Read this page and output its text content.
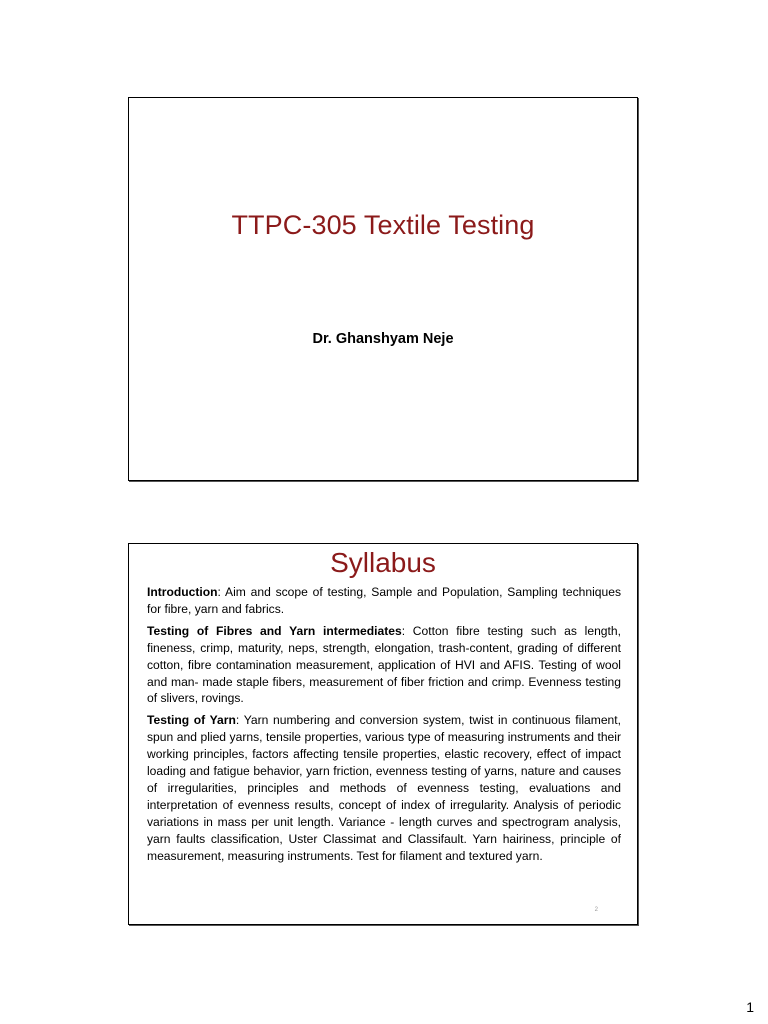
TTPC-305 Textile Testing
Dr. Ghanshyam Neje
Syllabus

Introduction: Aim and scope of testing, Sample and Population, Sampling techniques for fibre, yarn and fabrics.

Testing of Fibres and Yarn intermediates: Cotton fibre testing such as length, fineness, crimp, maturity, neps, strength, elongation, trash-content, grading of different cotton, fibre contamination measurement, application of HVI and AFIS. Testing of wool and man- made staple fibers, measurement of fiber friction and crimp. Evenness testing of slivers, rovings.

Testing of Yarn: Yarn numbering and conversion system, twist in continuous filament, spun and plied yarns, tensile properties, various type of measuring instruments and their working principles, factors affecting tensile properties, elastic recovery, effect of impact loading and fatigue behavior, yarn friction, evenness testing of yarns, nature and causes of irregularities, principles and methods of evenness testing, evaluations and interpretation of evenness results, concept of index of irregularity. Analysis of periodic variations in mass per unit length. Variance - length curves and spectrogram analysis, yarn faults classification, Uster Classimat and Classifault. Yarn hairiness, principle of measurement, measuring instruments. Test for filament and textured yarn.

2
1
